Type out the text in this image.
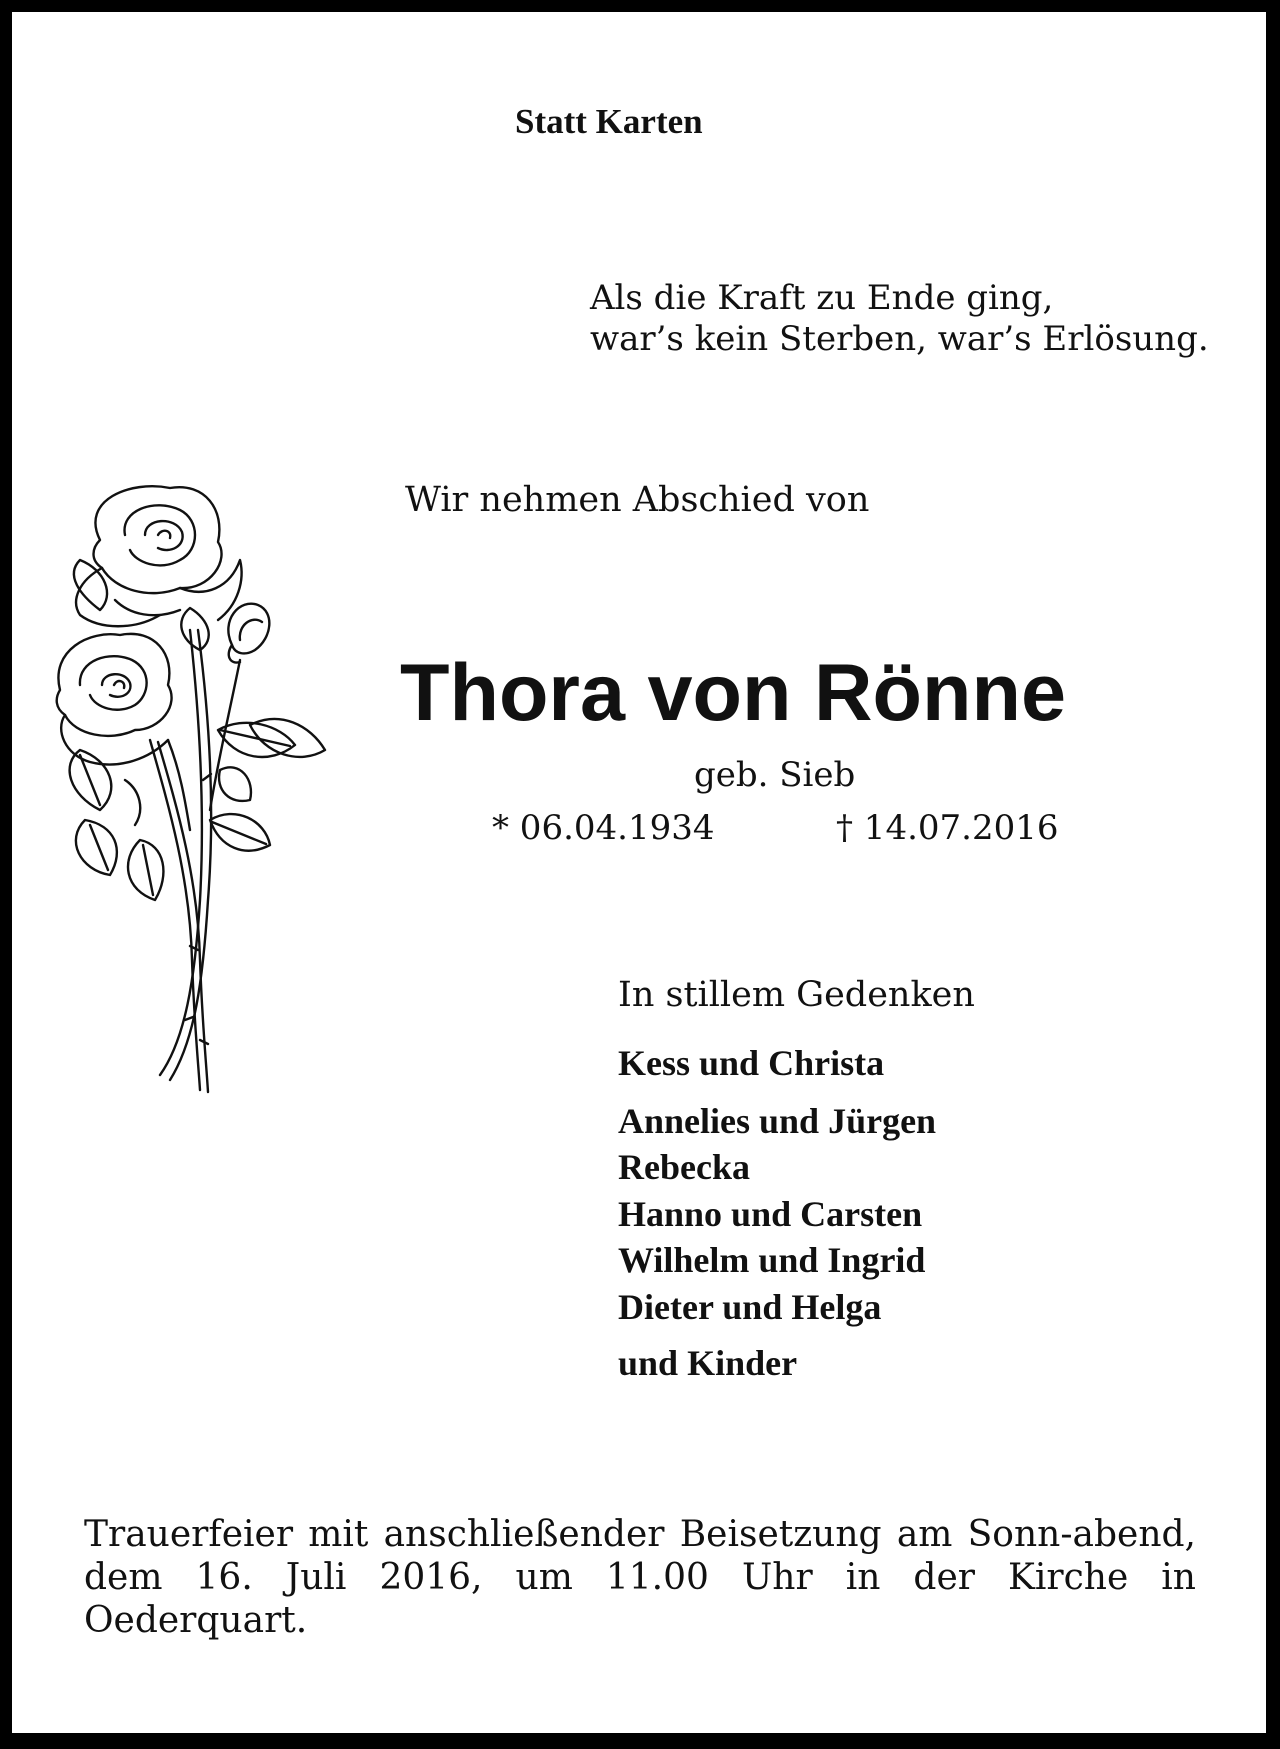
Statt Karten
Als die Kraft zu Ende ging,
war’s kein Sterben, war’s Erlösung.
Wir nehmen Abschied von
Thora von Rönne
geb. Sieb
* 06.04.1934	† 14.07.2016
In stillem Gedenken
Kess und Christa
Annelies und Jürgen
Rebecka
Hanno und Carsten
Wilhelm und Ingrid
Dieter und Helga
und Kinder
Trauerfeier mit anschließender Beisetzung am Sonn-abend, dem 16. Juli 2016, um 11.00 Uhr in der Kirche in Oederquart.
